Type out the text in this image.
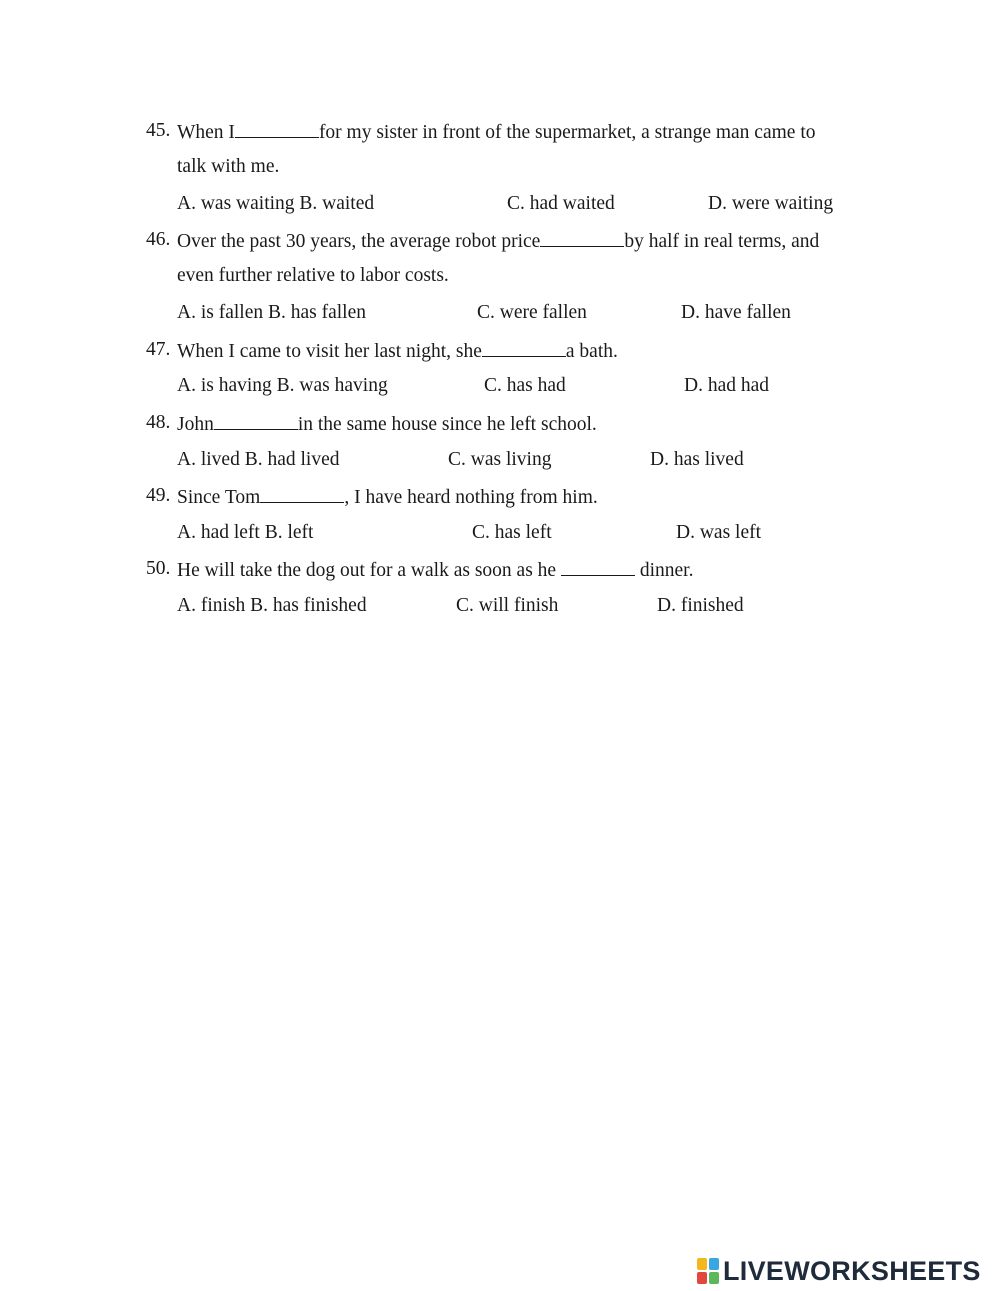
45. When I	for my sister in front of the supermarket, a strange man came to
talk with me.
A. was waiting B. waited	C. had waited	D. were waiting
46. Over the past 30 years, the average robot price	by half in real terms, and
even further relative to labor costs.
A. is fallen B. has fallen	C. were fallen	D. have fallen
47. When I came to visit her last night, she	a bath.
A. is having B. was having	C. has had	D. had had
48. John	in the same house since he left school.
A. lived B. had lived	C. was living	D. has lived
49. Since Tom	, I have heard nothing from him.
A. had left B. left	C. has left	D. was left
50. He will take the dog out for a walk as soon as he	dinner.
A. finish B. has finished	C. will finish	D. finished
LIVEWORKSHEETS
